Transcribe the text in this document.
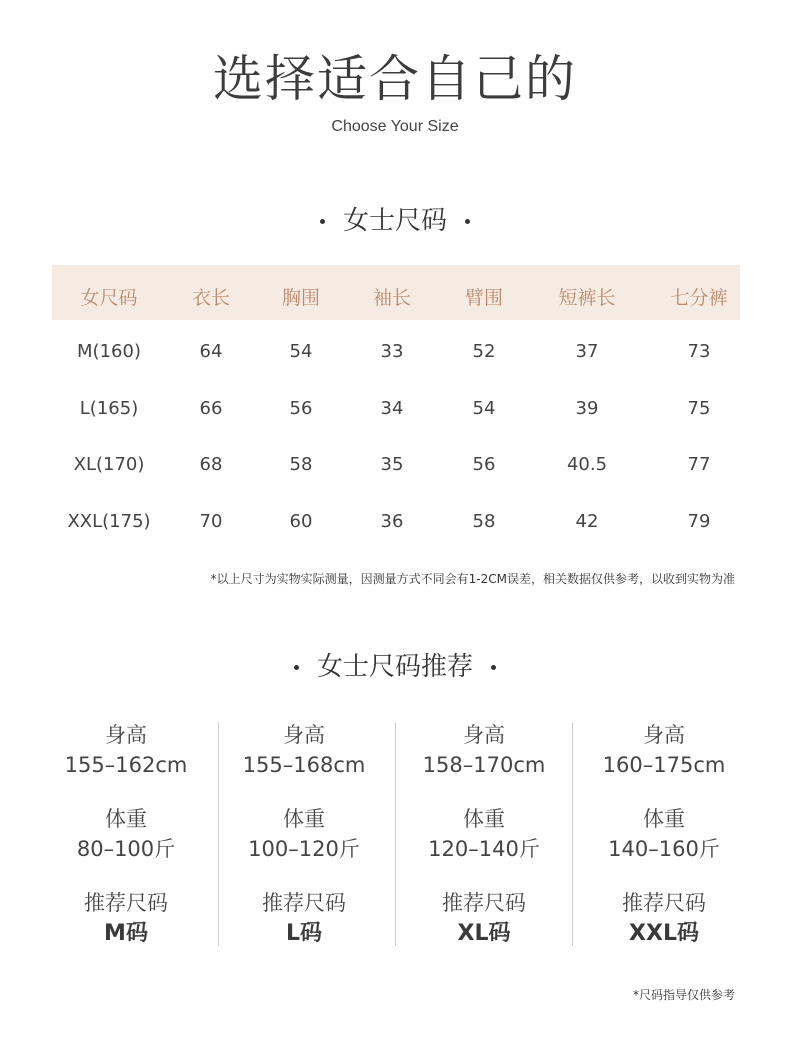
选择适合自己的
Choose Your Size
女士尺码
女尺码	衣长	胸围	袖长	臂围	短裤长	七分裤
M(160)	64	54	33	52	37	73
L(165)	66	56	34	54	39	75
XL(170)	68	58	35	56	40.5	77
XXL(175)	70	60	36	58	42	79
*以上尺寸为实物实际测量，因测量方式不同会有1-2CM误差，相关数据仅供参考，以收到实物为准
女士尺码推荐
身高
155–162cm
体重
80–100斤
推荐尺码
M码
身高
155–168cm
体重
100–120斤
推荐尺码
L码
身高
158–170cm
体重
120–140斤
推荐尺码
XL码
身高
160–175cm
体重
140–160斤
推荐尺码
XXL码
*尺码指导仅供参考
